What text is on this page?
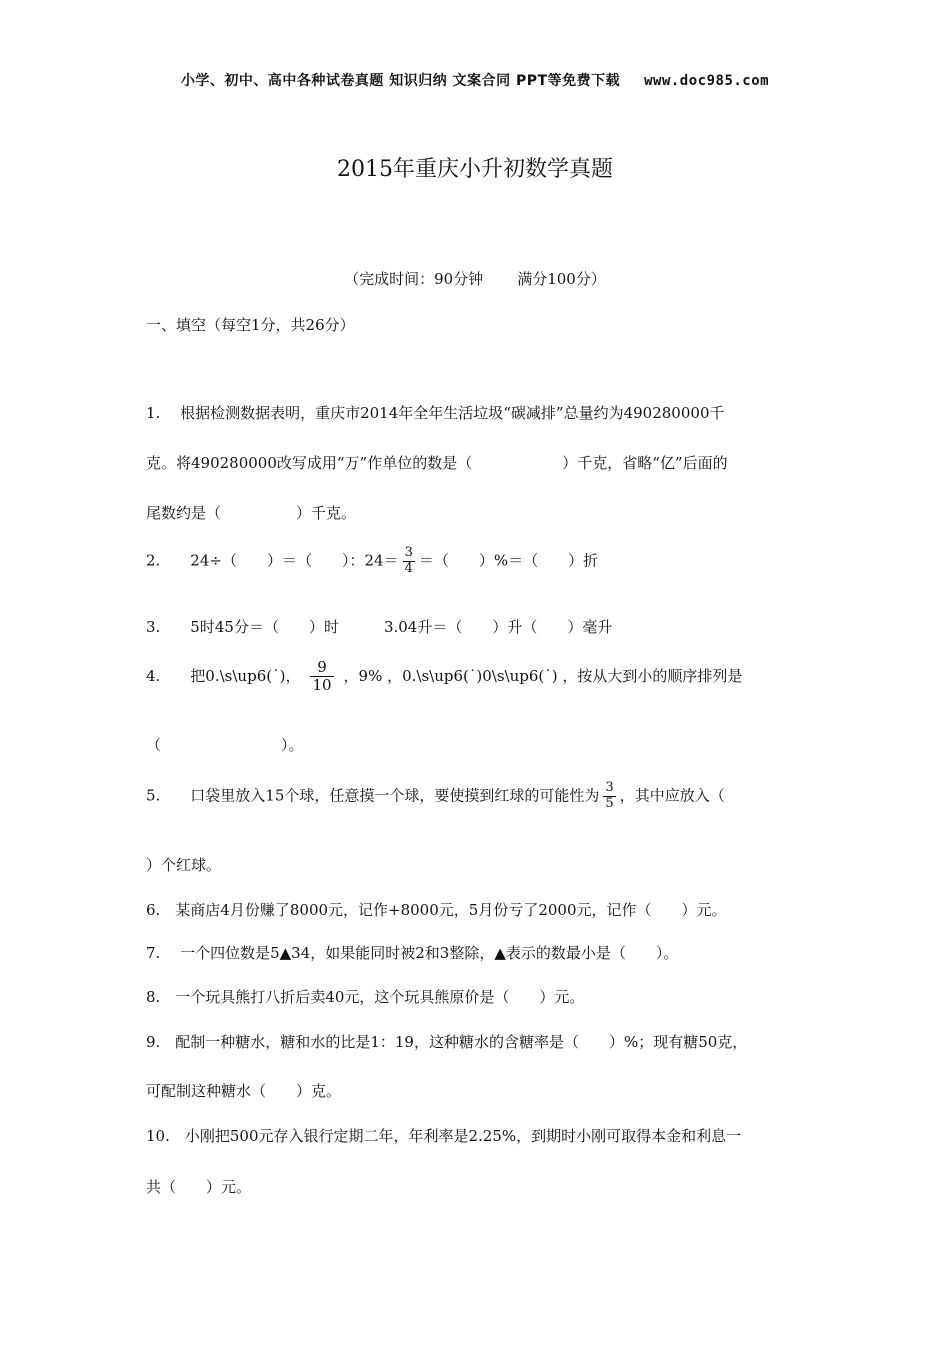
小学、初中、高中各种试卷真题 知识归纳 文案合同 PPT等免费下载 www.doc985.com
2015年重庆小升初数学真题
（完成时间：90分钟 满分100分）
一、填空（每空1分，共26分）
1.　 根据检测数据表明，重庆市2014年全年生活垃圾“碳减排”总量约为490280000千
克。将490280000改写成用“万”作单位的数是（　　　　　　）千克，省略“亿”后面的
尾数约是（　　　　　）千克。
2.　　24÷（　　）＝（　　）：$24= \frac{3}{4}$ ＝（　　）%＝（　　）折
3.　　5时45分＝（　　）时　　　3.04升＝（　　）升（　　）毫升
4.　　把0.\s\up6(˙)， $\frac{9}{10}$ ，9% ，0.\s\up6(˙)0\s\up6(˙) ，按从大到小的顺序排列是
（　　　　　　　　）。
5.　　口袋里放入15个球，任意摸一个球，要使摸到红球的可能性为 $\frac{3}{5}$ ，其中应放入（
）个红球。
6.　某商店4月份赚了8000元，记作+8000元，5月份亏了2000元，记作（　　）元。
7.　 一个四位数是5▲34，如果能同时被2和3整除，▲表示的数最小是（　　）。
8.　一个玩具熊打八折后卖40元，这个玩具熊原价是（　　）元。
9.　配制一种糖水，糖和水的比是1：19，这种糖水的含糖率是（　　）%；现有糖50克，
可配制这种糖水（　　）克。
10.　小刚把500元存入银行定期二年，年利率是2.25%，到期时小刚可取得本金和利息一
共（　　）元。
